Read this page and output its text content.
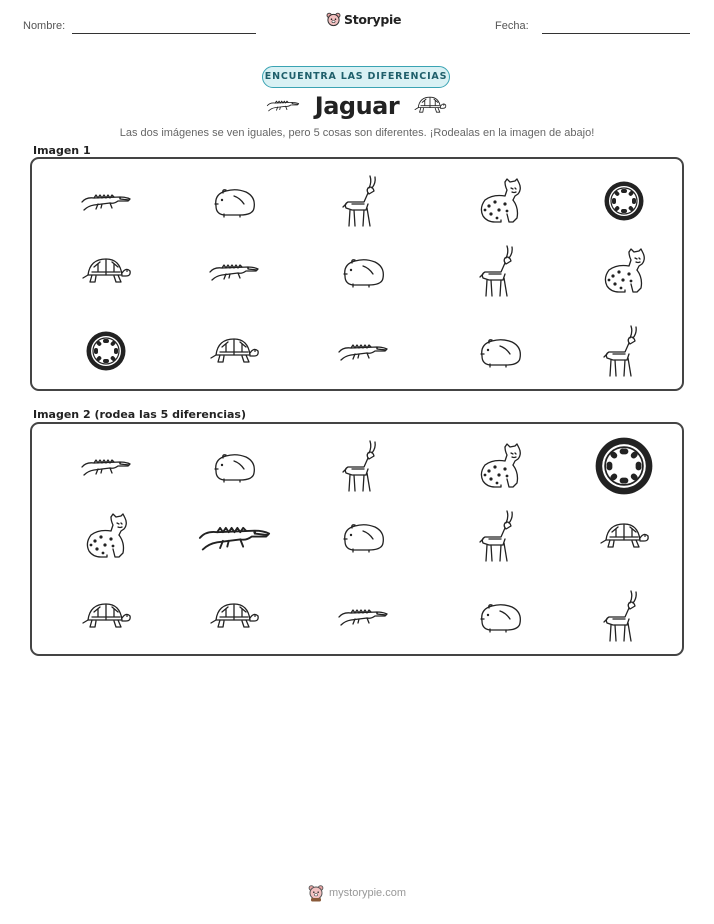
Nombre:	Storypie	Fecha:
ENCUENTRA LAS DIFERENCIAS
Jaguar
Las dos imágenes se ven iguales, pero 5 cosas son diferentes. ¡Rodealas en la imagen de abajo!
Imagen 1
Imagen 2 (rodea las 5 diferencias)
mystorypie.com
